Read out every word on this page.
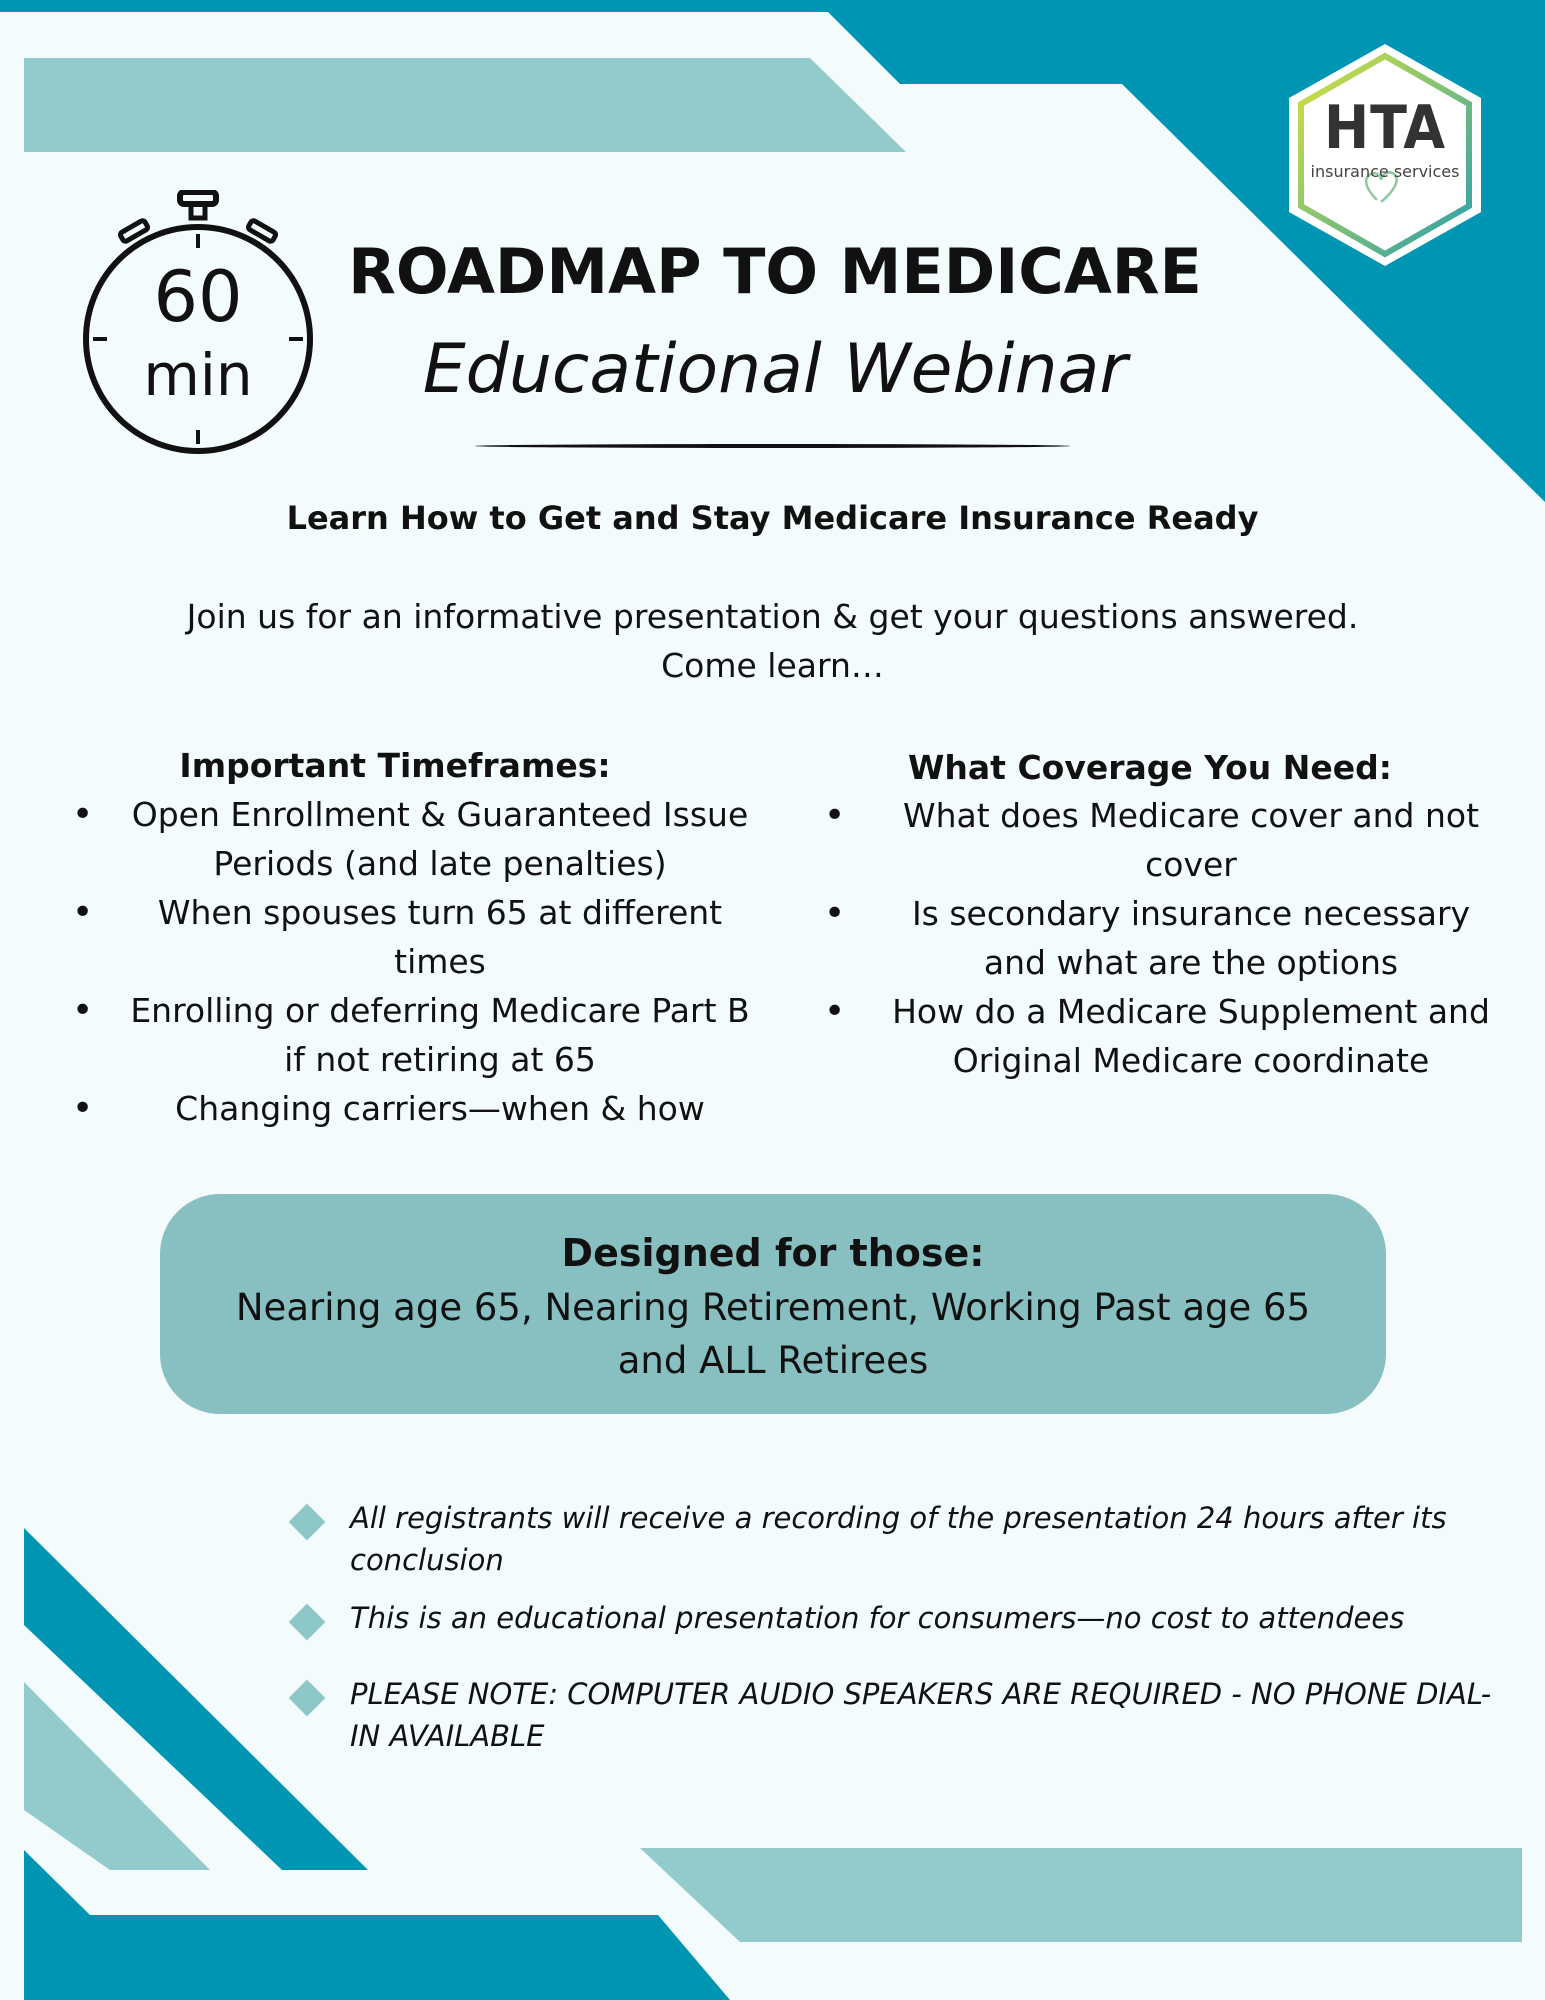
HTA
insurance services
60
min
ROADMAP TO MEDICARE
Educational Webinar
Learn How to Get and Stay Medicare Insurance Ready
Join us for an informative presentation & get your questions answered.
Come learn…
Important Timeframes:
• Open Enrollment & Guaranteed Issue Periods (and late penalties)
• When spouses turn 65 at different times
• Enrolling or deferring Medicare Part B if not retiring at 65
• Changing carriers—when & how
What Coverage You Need:
• What does Medicare cover and not cover
• Is secondary insurance necessary and what are the options
• How do a Medicare Supplement and Original Medicare coordinate
Designed for those:
Nearing age 65, Nearing Retirement, Working Past age 65 and ALL Retirees
All registrants will receive a recording of the presentation 24 hours after its conclusion
This is an educational presentation for consumers—no cost to attendees
PLEASE NOTE: COMPUTER AUDIO SPEAKERS ARE REQUIRED - NO PHONE DIAL-IN AVAILABLE
